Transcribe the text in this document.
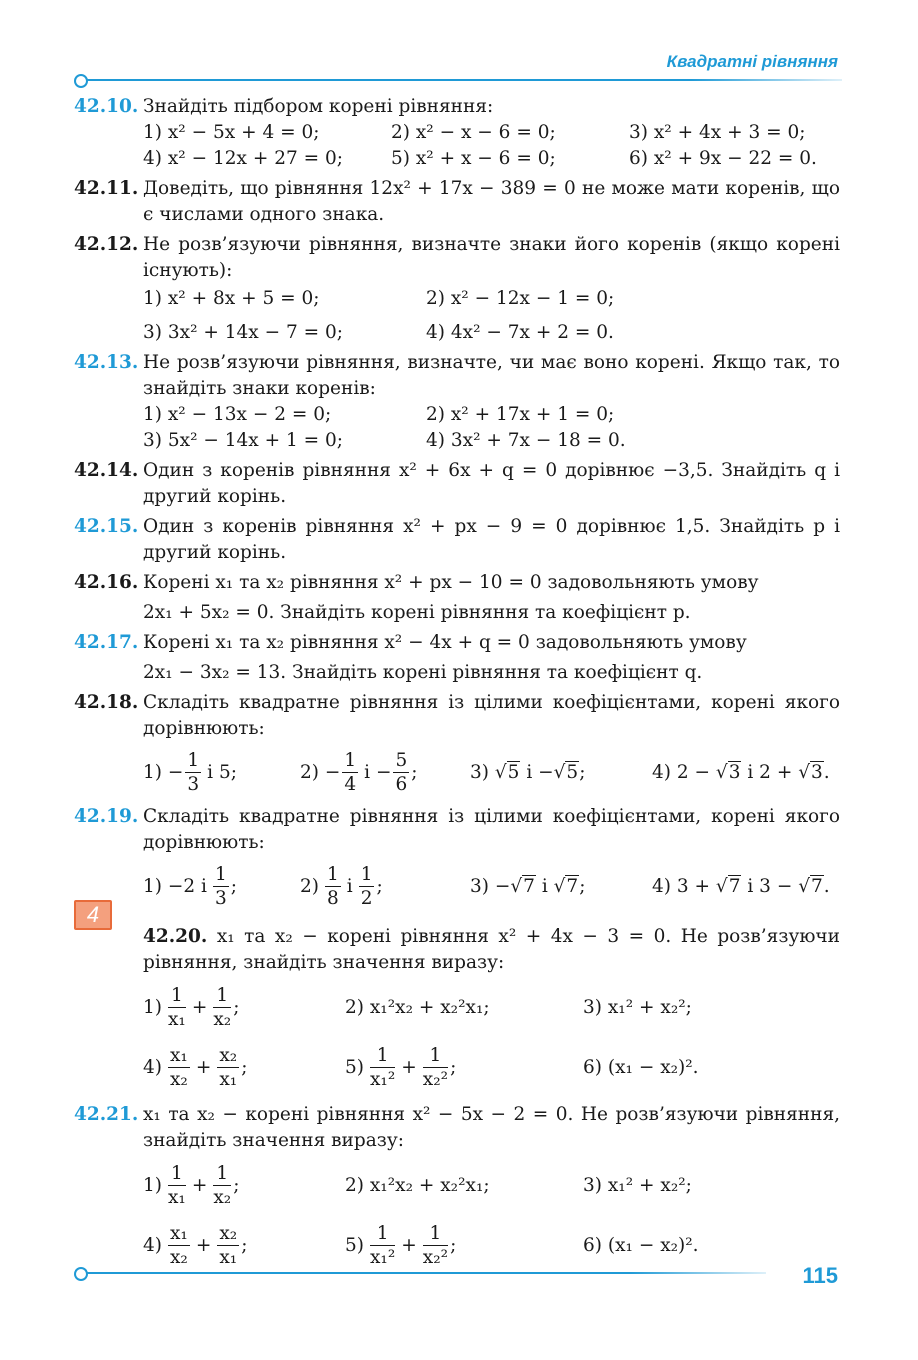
Квадратні рівняння
4
42.10. Знайдіть підбором корені рівняння:
1) x² − 5x + 4 = 0;	2) x² − x − 6 = 0;	3) x² + 4x + 3 = 0;
4) x² − 12x + 27 = 0;	5) x² + x − 6 = 0;	6) x² + 9x − 22 = 0.
42.11. Доведіть, що рівняння 12x² + 17x − 389 = 0 не може мати коренів, що є числами одного знака.
42.12. Не розв’язуючи рівняння, визначте знаки його коренів (якщо корені існують):
1) x² + 8x + 5 = 0;	2) x² − 12x − 1 = 0;
3) 3x² + 14x − 7 = 0;	4) 4x² − 7x + 2 = 0.
42.13. Не розв’язуючи рівняння, визначте, чи має воно корені. Якщо так, то знайдіть знаки коренів:
1) x² − 13x − 2 = 0;	2) x² + 17x + 1 = 0;
3) 5x² − 14x + 1 = 0;	4) 3x² + 7x − 18 = 0.
42.14. Один з коренів рівняння x² + 6x + q = 0 дорівнює −3,5. Знайдіть q і другий корінь.
42.15. Один з коренів рівняння x² + px − 9 = 0 дорівнює 1,5. Знайдіть p і другий корінь.
42.16. Корені x₁ та x₂ рівняння x² + px − 10 = 0 задовольняють умову
2x₁ + 5x₂ = 0. Знайдіть корені рівняння та коефіцієнт p.
42.17. Корені x₁ та x₂ рівняння x² − 4x + q = 0 задовольняють умову
2x₁ − 3x₂ = 13. Знайдіть корені рівняння та коефіцієнт q.
42.18. Складіть квадратне рівняння із цілими коефіцієнтами, корені якого дорівнюють:
$1) - \frac{1}{3}$ і 5;	$2) - \frac{1}{4}$ $і - \frac{5}{6}$ ;	3) √5 і −√5;	4) 2 − √3 і 2 + √3.
42.19. Складіть квадратне рівняння із цілими коефіцієнтами, корені якого дорівнюють:
1) −2 і $\frac{1}{3}$ ;	$2) \frac{1}{8}$ і $\frac{1}{2}$ ;	3) −√7 і √7;	4) 3 + √7 і 3 − √7.
42.20. x₁ та x₂ − корені рівняння x² + 4x − 3 = 0. Не розв’язуючи рівняння, знайдіть значення виразу:
$1) \frac{1}{\text{x₁}} + \frac{1}{\text{x₂}}$ ;	2) x₁²x₂ + x₂²x₁;	3) x₁² + x₂²;
$4) \frac{\text{x₁}}{\text{x₂}} + \frac{\text{x₂}}{\text{x₁}}$ ;	$5) \frac{1}{\text{x₁²}} + \frac{1}{\text{x₂²}}$ ;	6) (x₁ − x₂)².
42.21. x₁ та x₂ − корені рівняння x² − 5x − 2 = 0. Не розв’язуючи рівняння, знайдіть значення виразу:
$1) \frac{1}{\text{x₁}} + \frac{1}{\text{x₂}}$ ;	2) x₁²x₂ + x₂²x₁;	3) x₁² + x₂²;
$4) \frac{\text{x₁}}{\text{x₂}} + \frac{\text{x₂}}{\text{x₁}}$ ;	$5) \frac{1}{\text{x₁²}} + \frac{1}{\text{x₂²}}$ ;	6) (x₁ − x₂)².
115
